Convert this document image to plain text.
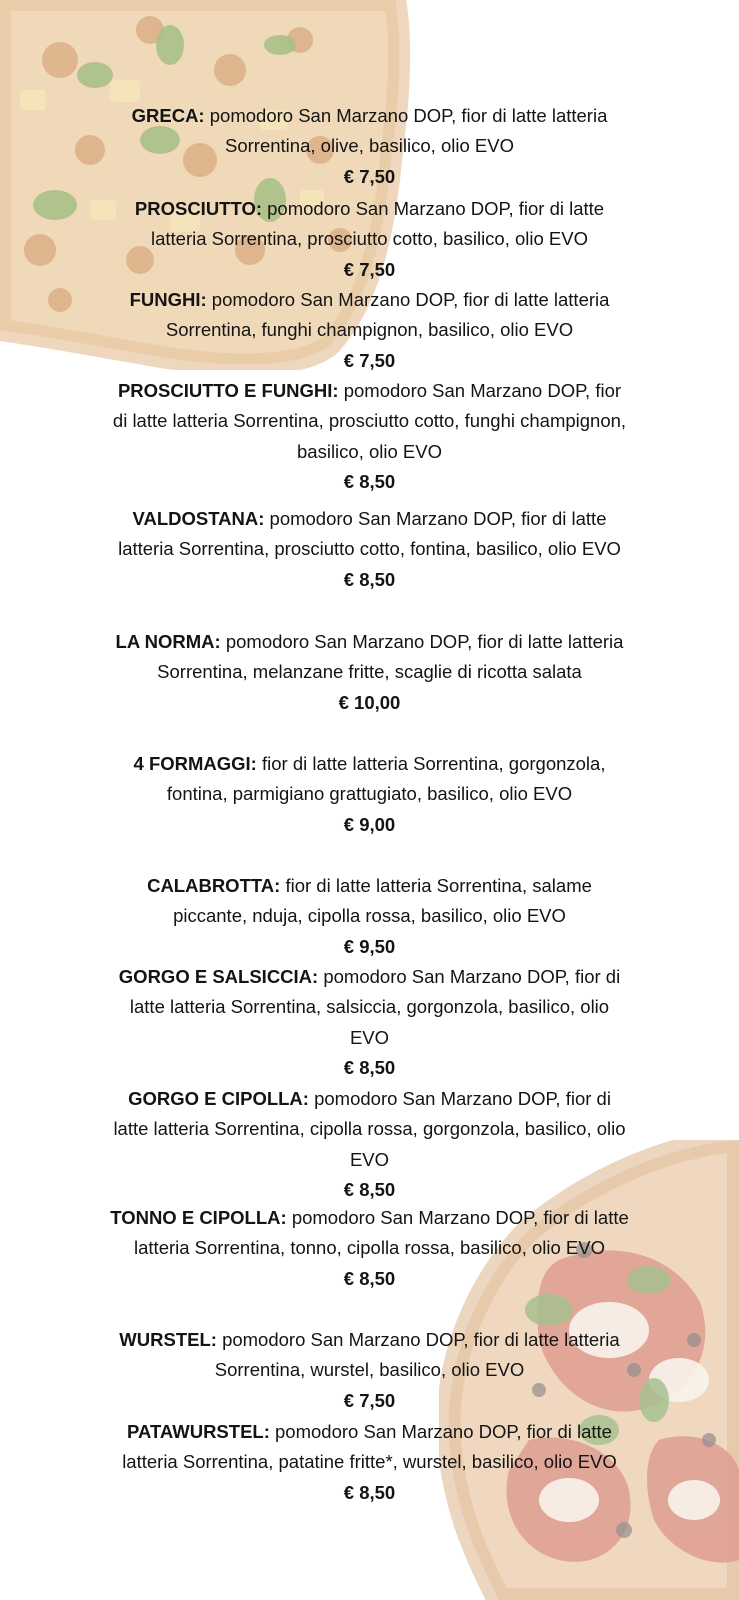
GRECA: pomodoro San Marzano DOP, fior di latte latteria Sorrentina, olive, basilico, olio EVO
€ 7,50
PROSCIUTTO: pomodoro San Marzano DOP, fior di latte latteria Sorrentina, prosciutto cotto, basilico, olio EVO
€ 7,50
FUNGHI: pomodoro San Marzano DOP, fior di latte latteria Sorrentina, funghi champignon, basilico, olio EVO
€ 7,50
PROSCIUTTO E FUNGHI: pomodoro San Marzano DOP, fior di latte latteria Sorrentina, prosciutto cotto, funghi champignon, basilico, olio EVO
€ 8,50
VALDOSTANA: pomodoro San Marzano DOP, fior di latte latteria Sorrentina, prosciutto cotto, fontina, basilico, olio EVO
€ 8,50
LA NORMA: pomodoro San Marzano DOP, fior di latte latteria Sorrentina, melanzane fritte, scaglie di ricotta salata
€ 10,00
4 FORMAGGI: fior di latte latteria Sorrentina, gorgonzola, fontina, parmigiano grattugiato, basilico, olio EVO
€ 9,00
CALABROTTA: fior di latte latteria Sorrentina, salame piccante, nduja, cipolla rossa, basilico, olio EVO
€ 9,50
GORGO E SALSICCIA: pomodoro San Marzano DOP, fior di latte latteria Sorrentina, salsiccia, gorgonzola, basilico, olio EVO
€ 8,50
GORGO E CIPOLLA: pomodoro San Marzano DOP, fior di latte latteria Sorrentina, cipolla rossa, gorgonzola, basilico, olio EVO
€ 8,50
TONNO E CIPOLLA: pomodoro San Marzano DOP, fior di latte latteria Sorrentina, tonno, cipolla rossa, basilico, olio EVO
€ 8,50
WURSTEL: pomodoro San Marzano DOP, fior di latte latteria Sorrentina, wurstel, basilico, olio EVO
€ 7,50
PATAWURSTEL: pomodoro San Marzano DOP, fior di latte latteria Sorrentina, patatine fritte*, wurstel, basilico, olio EVO
€ 8,50
